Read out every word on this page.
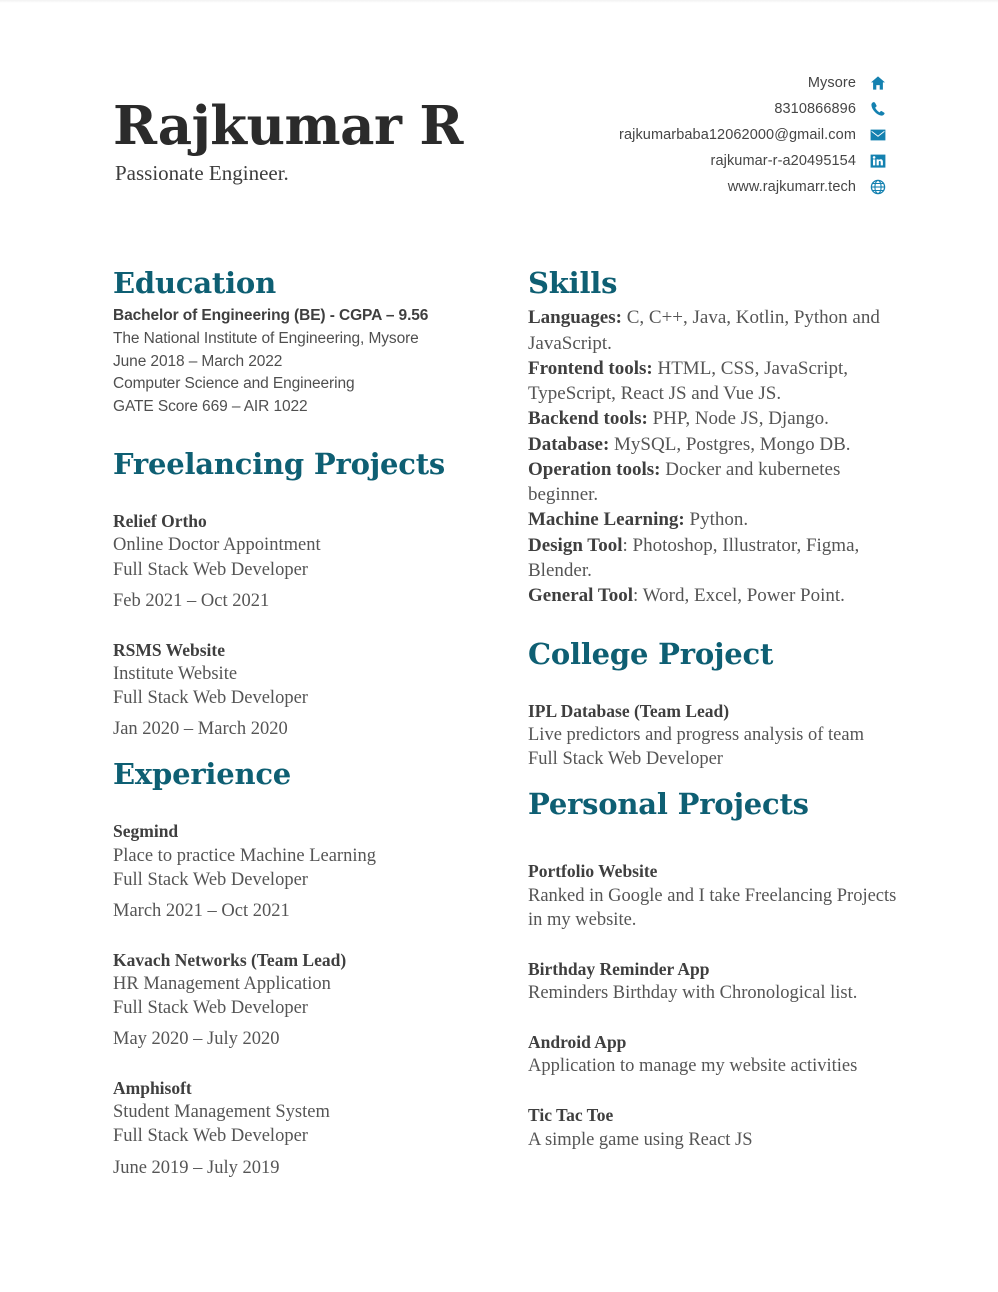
Rajkumar R
Passionate Engineer.
Mysore
8310866896
rajkumarbaba12062000@gmail.com
rajkumar-r-a20495154
www.rajkumarr.tech
Education
Bachelor of Engineering (BE) - CGPA – 9.56
The National Institute of Engineering, Mysore
June 2018 – March 2022
Computer Science and Engineering
GATE Score 669 – AIR 1022
Freelancing Projects
Relief Ortho
Online Doctor Appointment
Full Stack Web Developer
Feb 2021 – Oct 2021
RSMS Website
Institute Website
Full Stack Web Developer
Jan 2020 – March 2020
Experience
Segmind
Place to practice Machine Learning
Full Stack Web Developer
March 2021 – Oct 2021
Kavach Networks (Team Lead)
HR Management Application
Full Stack Web Developer
May 2020 – July 2020
Amphisoft
Student Management System
Full Stack Web Developer
June 2019 – July 2019
Skills
Languages: C, C++, Java, Kotlin, Python and JavaScript.
Frontend tools: HTML, CSS, JavaScript, TypeScript, React JS and Vue JS.
Backend tools: PHP, Node JS, Django.
Database: MySQL, Postgres, Mongo DB.
Operation tools: Docker and kubernetes beginner.
Machine Learning: Python.
Design Tool: Photoshop, Illustrator, Figma, Blender.
General Tool: Word, Excel, Power Point.
College Project
IPL Database (Team Lead)
Live predictors and progress analysis of team
Full Stack Web Developer
Personal Projects
Portfolio Website
Ranked in Google and I take Freelancing Projects in my website.
Birthday Reminder App
Reminders Birthday with Chronological list.
Android App
Application to manage my website activities
Tic Tac Toe
A simple game using React JS
